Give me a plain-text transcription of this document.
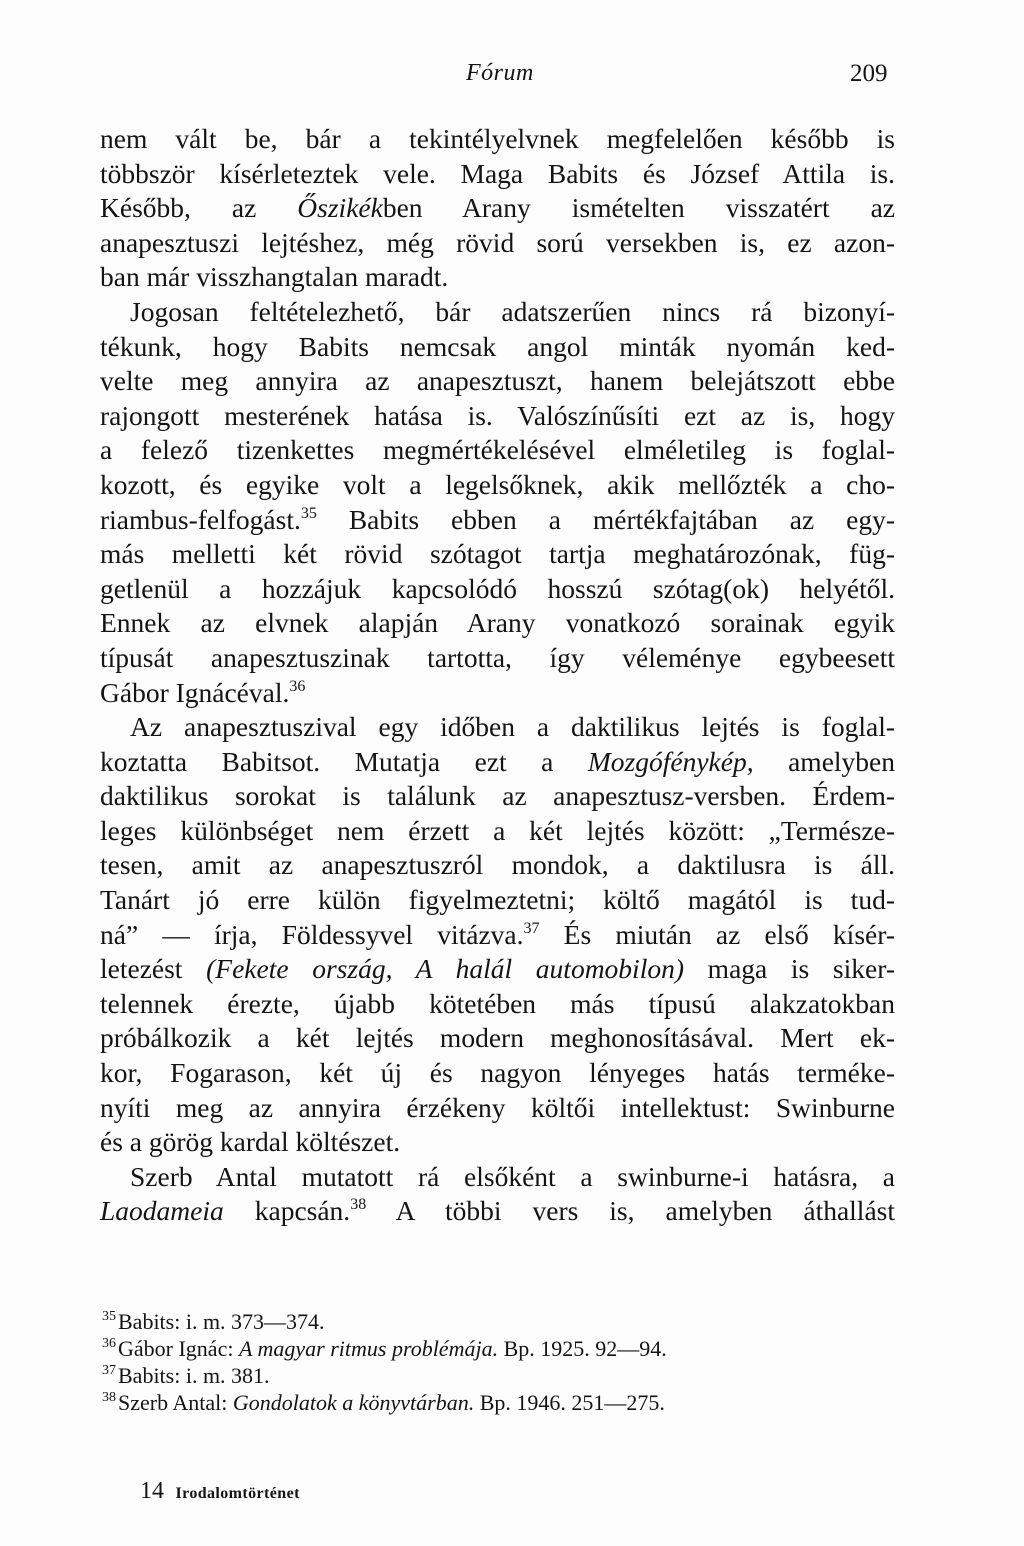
Fórum	209
nem vált be, bár a tekintélyelvnek megfelelően később is
többször kísérleteztek vele. Maga Babits és József Attila is.
Később, az Őszikékben Arany ismételten visszatért az
anapesztuszi lejtéshez, még rövid sorú versekben is, ez azon-
ban már visszhangtalan maradt.
Jogosan feltételezhető, bár adatszerűen nincs rá bizonyí-
tékunk, hogy Babits nemcsak angol minták nyomán ked-
velte meg annyira az anapesztuszt, hanem belejátszott ebbe
rajongott mesterének hatása is. Valószínűsíti ezt az is, hogy
a felező tizenkettes megmértékelésével elméletileg is foglal-
kozott, és egyike volt a legelsőknek, akik mellőzték a cho-
riambus-felfogást.$^{35}$ Babits ebben a mértékfajtában az egy-
más melletti két rövid szótagot tartja meghatározónak, füg-
getlenül a hozzájuk kapcsolódó hosszú szótag(ok) helyétől.
Ennek az elvnek alapján Arany vonatkozó sorainak egyik
típusát anapesztuszinak tartotta, így véleménye egybeesett
Gábor Ignácéval.$^{36}$
Az anapesztuszival egy időben a daktilikus lejtés is foglal-
koztatta Babitsot. Mutatja ezt a Mozgófénykép, amelyben
daktilikus sorokat is találunk az anapesztusz-versben. Érdem-
leges különbséget nem érzett a két lejtés között: „Természe-
tesen, amit az anapesztuszról mondok, a daktilusra is áll.
Tanárt jó erre külön figyelmeztetni; költő magától is tud-
ná” — írja, Földessyvel vitázva.$^{37}$ És miután az első kísér-
letezést (Fekete ország, A halál automobilon) maga is siker-
telennek érezte, újabb kötetében más típusú alakzatokban
próbálkozik a két lejtés modern meghonosításával. Mert ek-
kor, Fogarason, két új és nagyon lényeges hatás terméke-
nyíti meg az annyira érzékeny költői intellektust: Swinburne
és a görög kardal költészet.
Szerb Antal mutatott rá elsőként a swinburne-i hatásra, a
Laodameia kapcsán.$^{38}$ A többi vers is, amelyben áthallást
$^{35}$Babits: i. m. 373—374.
$^{36}$Gábor Ignác: A magyar ritmus problémája. Bp. 1925. 92—94.
$^{37}$Babits: i. m. 381.
$^{38}$Szerb Antal: Gondolatok a könyvtárban. Bp. 1946. 251—275.
14 Irodalomtörténet
